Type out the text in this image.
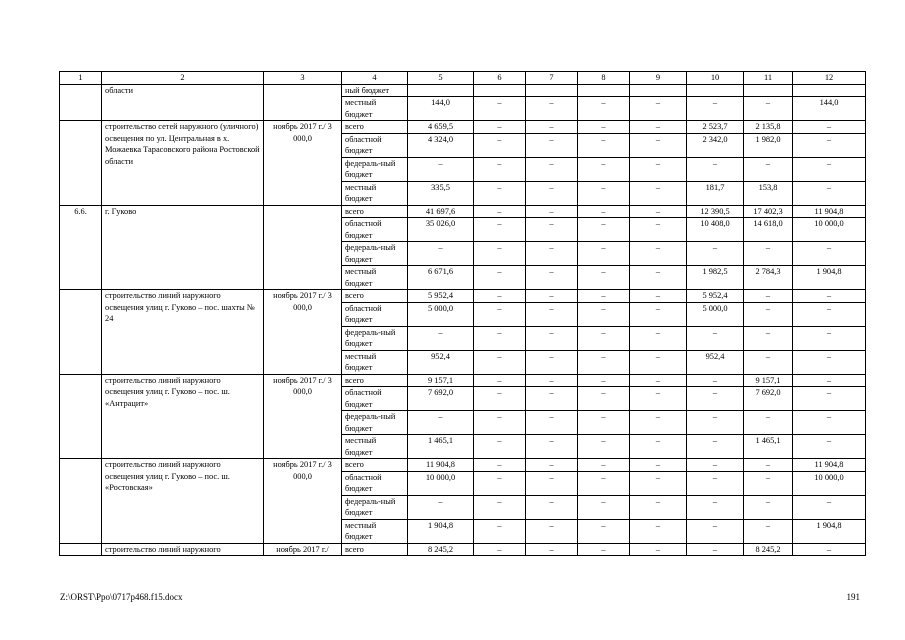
1	2	3	4	5	6	7	8	9	10	11	12
	области		ный бюджет								
			местный бюджет	144,0	–	–	–	–	–	–	144,0
	строительство сетей наружного (уличного) освещения по ул. Центральная в х. Можаевка Тарасовского района Ростовской области	ноябрь 2017 г./ 3 000,0	всего	4 659,5	–	–	–	–	2 523,7	2 135,8	–
			областной бюджет	4 324,0	–	–	–	–	2 342,0	1 982,0	–
			федераль-ный бюджет	–	–	–	–	–	–	–	–
			местный бюджет	335,5	–	–	–	–	181,7	153,8	–
6.6.	г. Гуково		всего	41 697,6	–	–	–	–	12 390,5	17 402,3	11 904,8
			областной бюджет	35 026,0	–	–	–	–	10 408,0	14 618,0	10 000,0
			федераль-ный бюджет	–	–	–	–	–	–	–	–
			местный бюджет	6 671,6	–	–	–	–	1 982,5	2 784,3	1 904,8
	строительство линий наружного освещения улиц г. Гуково – пос. шахты № 24	ноябрь 2017 г./ 3 000,0	всего	5 952,4	–	–	–	–	5 952,4	–	–
			областной бюджет	5 000,0	–	–	–	–	5 000,0	–	–
			федераль-ный бюджет	–	–	–	–	–	–	–	–
			местный бюджет	952,4	–	–	–	–	952,4	–	–
	строительство линий наружного освещения улиц г. Гуково – пос. ш. «Антрацит»	ноябрь 2017 г./ 3 000,0	всего	9 157,1	–	–	–	–	–	9 157,1	–
			областной бюджет	7 692,0	–	–	–	–	–	7 692,0	–
			федераль-ный бюджет	–	–	–	–	–	–	–	–
			местный бюджет	1 465,1	–	–	–	–	–	1 465,1	–
	строительство линий наружного освещения улиц г. Гуково – пос. ш. «Ростовская»	ноябрь 2017 г./ 3 000,0	всего	11 904,8	–	–	–	–	–	–	11 904,8
			областной бюджет	10 000,0	–	–	–	–	–	–	10 000,0
			федераль-ный бюджет	–	–	–	–	–	–	–	–
			местный бюджет	1 904,8	–	–	–	–	–	–	1 904,8
	строительство линий наружного	ноябрь 2017 г./	всего	8 245,2	–	–	–	–	–	8 245,2	–
Z:\ORST\Ppo\0717p468.f15.docx	191
